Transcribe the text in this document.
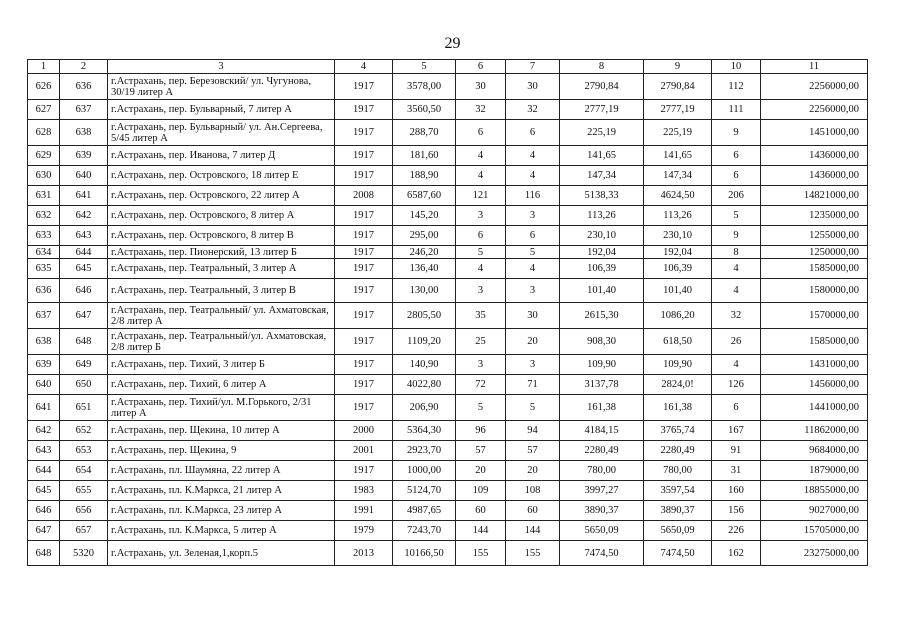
29
1	2	3	4	5	6	7	8	9	10	11
626	636	г.Астрахань, пер. Березовский/ ул. Чугунова, 30/19 литер А	1917	3578,00	30	30	2790,84	2790,84	112	2256000,00
627	637	г.Астрахань, пер. Бульварный, 7 литер А	1917	3560,50	32	32	2777,19	2777,19	111	2256000,00
628	638	г.Астрахань, пер. Бульварный/ ул. Ан.Сергеева, 5/45 литер А	1917	288,70	6	6	225,19	225,19	9	1451000,00
629	639	г.Астрахань, пер. Иванова, 7 литер Д	1917	181,60	4	4	141,65	141,65	6	1436000,00
630	640	г.Астрахань, пер. Островского, 18 литер Е	1917	188,90	4	4	147,34	147,34	6	1436000,00
631	641	г.Астрахань, пер. Островского, 22 литер А	2008	6587,60	121	116	5138,33	4624,50	206	14821000,00
632	642	г.Астрахань, пер. Островского, 8 литер А	1917	145,20	3	3	113,26	113,26	5	1235000,00
633	643	г.Астрахань, пер. Островского, 8 литер В	1917	295,00	6	6	230,10	230,10	9	1255000,00
634	644	г.Астрахань, пер. Пионерский, 13 литер Б	1917	246,20	5	5	192,04	192,04	8	1250000,00
635	645	г.Астрахань, пер. Театральный, 3 литер А	1917	136,40	4	4	106,39	106,39	4	1585000,00
636	646	г.Астрахань, пер. Театральный, 3 литер В	1917	130,00	3	3	101,40	101,40	4	1580000,00
637	647	г.Астрахань, пер. Театральный/ ул. Ахматовская, 2/8 литер А	1917	2805,50	35	30	2615,30	1086,20	32	1570000,00
638	648	г.Астрахань, пер. Театральный/ул. Ахматовская, 2/8 литер Б	1917	1109,20	25	20	908,30	618,50	26	1585000,00
639	649	г.Астрахань, пер. Тихий, 3 литер Б	1917	140,90	3	3	109,90	109,90	4	1431000,00
640	650	г.Астрахань, пер. Тихий, 6 литер А	1917	4022,80	72	71	3137,78	2824,0!	126	1456000,00
641	651	г.Астрахань, пер. Тихий/ул. М.Горького, 2/31 литер А	1917	206,90	5	5	161,38	161,38	6	1441000,00
642	652	г.Астрахань, пер. Щекина, 10 литер А	2000	5364,30	96	94	4184,15	3765,74	167	11862000,00
643	653	г.Астрахань, пер. Щекина, 9	2001	2923,70	57	57	2280,49	2280,49	91	9684000,00
644	654	г.Астрахань, пл. Шаумяна, 22 литер А	1917	1000,00	20	20	780,00	780,00	31	1879000,00
645	655	г.Астрахань, пл. К.Маркса, 21 литер А	1983	5124,70	109	108	3997,27	3597,54	160	18855000,00
646	656	г.Астрахань, пл. К.Маркса, 23 литер А	1991	4987,65	60	60	3890,37	3890,37	156	9027000,00
647	657	г.Астрахань, пл. К.Маркса, 5 литер А	1979	7243,70	144	144	5650,09	5650,09	226	15705000,00
648	5320	г.Астрахань, ул. Зеленая,1,корп.5	2013	10166,50	155	155	7474,50	7474,50	162	23275000,00
